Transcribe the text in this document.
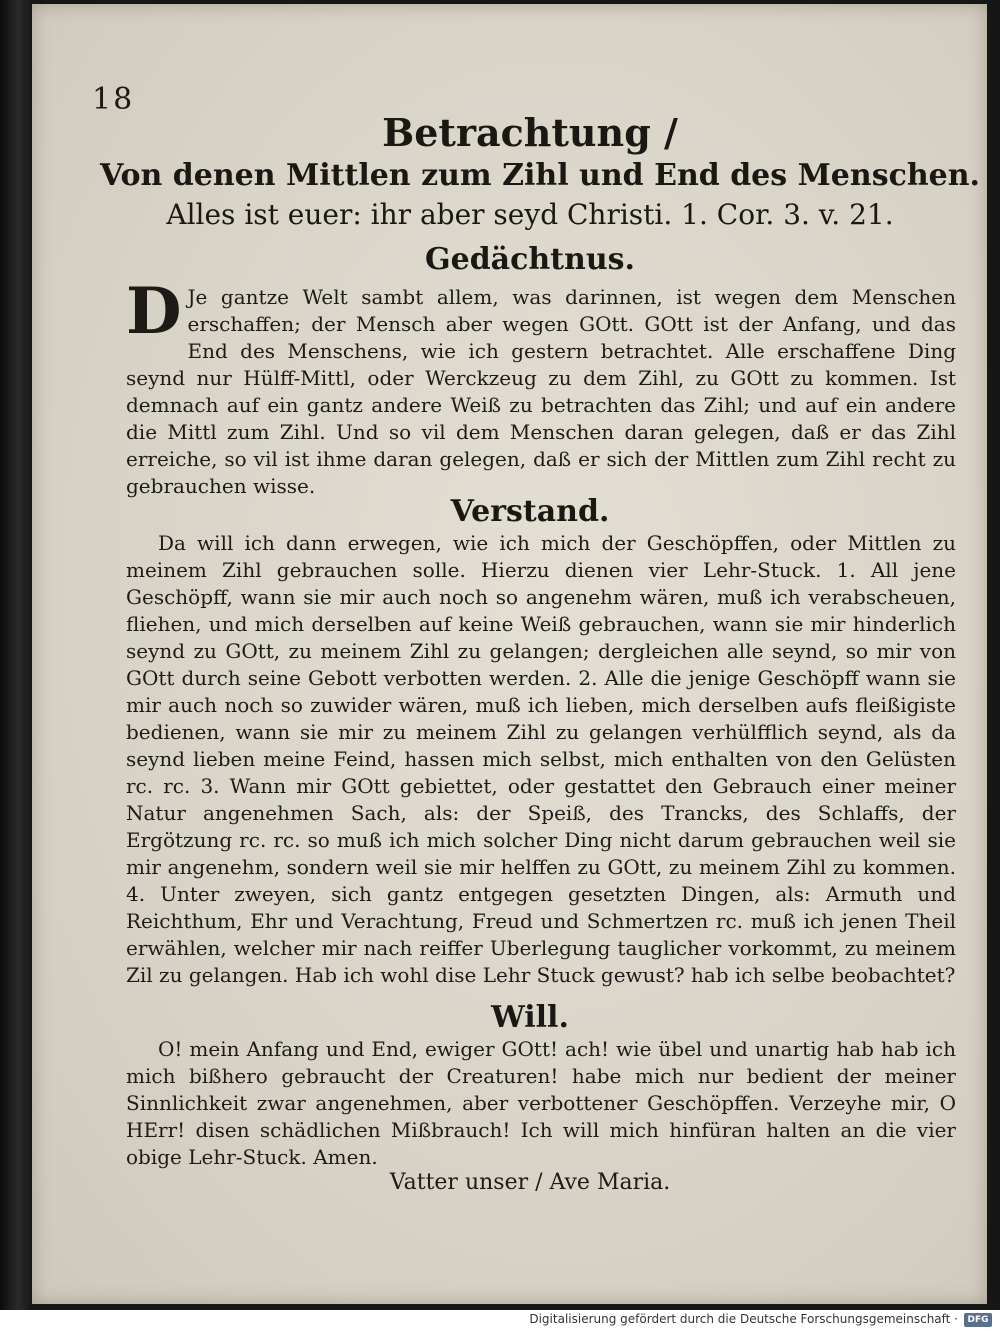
18
Betrachtung /
Von denen Mittlen zum Zihl und End des Menschen.
Alles ist euer: ihr aber seyd Christi. 1. Cor. 3. v. 21.
Gedächtnus.
D Je gantze Welt sambt allem, was darinnen, ist wegen dem Menschen erschaffen; der Mensch aber wegen GOtt. GOtt ist der Anfang, und das End des Menschens, wie ich gestern betrachtet. Alle erschaffene Ding seynd nur Hülff-Mittl, oder Werckzeug zu dem Zihl, zu GOtt zu kommen. Ist demnach auf ein gantz andere Weiß zu betrachten das Zihl; und auf ein andere die Mittl zum Zihl. Und so vil dem Menschen daran gelegen, daß er das Zihl erreiche, so vil ist ihme daran gelegen, daß er sich der Mittlen zum Zihl recht zu gebrauchen wisse.
Verstand.
Da will ich dann erwegen, wie ich mich der Geschöpffen, oder Mittlen zu meinem Zihl gebrauchen solle. Hierzu dienen vier Lehr-Stuck. 1. All jene Geschöpff, wann sie mir auch noch so angenehm wären, muß ich verabscheuen, fliehen, und mich derselben auf keine Weiß gebrauchen, wann sie mir hinderlich seynd zu GOtt, zu meinem Zihl zu gelangen; dergleichen alle seynd, so mir von GOtt durch seine Gebott verbotten werden. 2. Alle die jenige Geschöpff wann sie mir auch noch so zuwider wären, muß ich lieben, mich derselben aufs fleißigiste bedienen, wann sie mir zu meinem Zihl zu gelangen verhülfflich seynd, als da seynd lieben meine Feind, hassen mich selbst, mich enthalten von den Gelüsten rc. rc. 3. Wann mir GOtt gebiettet, oder gestattet den Gebrauch einer meiner Natur angenehmen Sach, als: der Speiß, des Trancks, des Schlaffs, der Ergötzung rc. rc. so muß ich mich solcher Ding nicht darum gebrauchen weil sie mir angenehm, sondern weil sie mir helffen zu GOtt, zu meinem Zihl zu kommen. 4. Unter zweyen, sich gantz entgegen gesetzten Dingen, als: Armuth und Reichthum, Ehr und Verachtung, Freud und Schmertzen rc. muß ich jenen Theil erwählen, welcher mir nach reiffer Uberlegung tauglicher vorkommt, zu meinem Zil zu gelangen. Hab ich wohl dise Lehr Stuck gewust? hab ich selbe beobachtet?
Will.
O! mein Anfang und End, ewiger GOtt! ach! wie übel und unartig hab hab ich mich bißhero gebraucht der Creaturen! habe mich nur bedient der meiner Sinnlichkeit zwar angenehmen, aber verbottener Geschöpffen. Verzeyhe mir, O HErr! disen schädlichen Mißbrauch! Ich will mich hinfüran halten an die vier obige Lehr-Stuck. Amen.
Vatter unser / Ave Maria.
Digitalisierung gefördert durch die Deutsche Forschungsgemeinschaft ·	DFG
